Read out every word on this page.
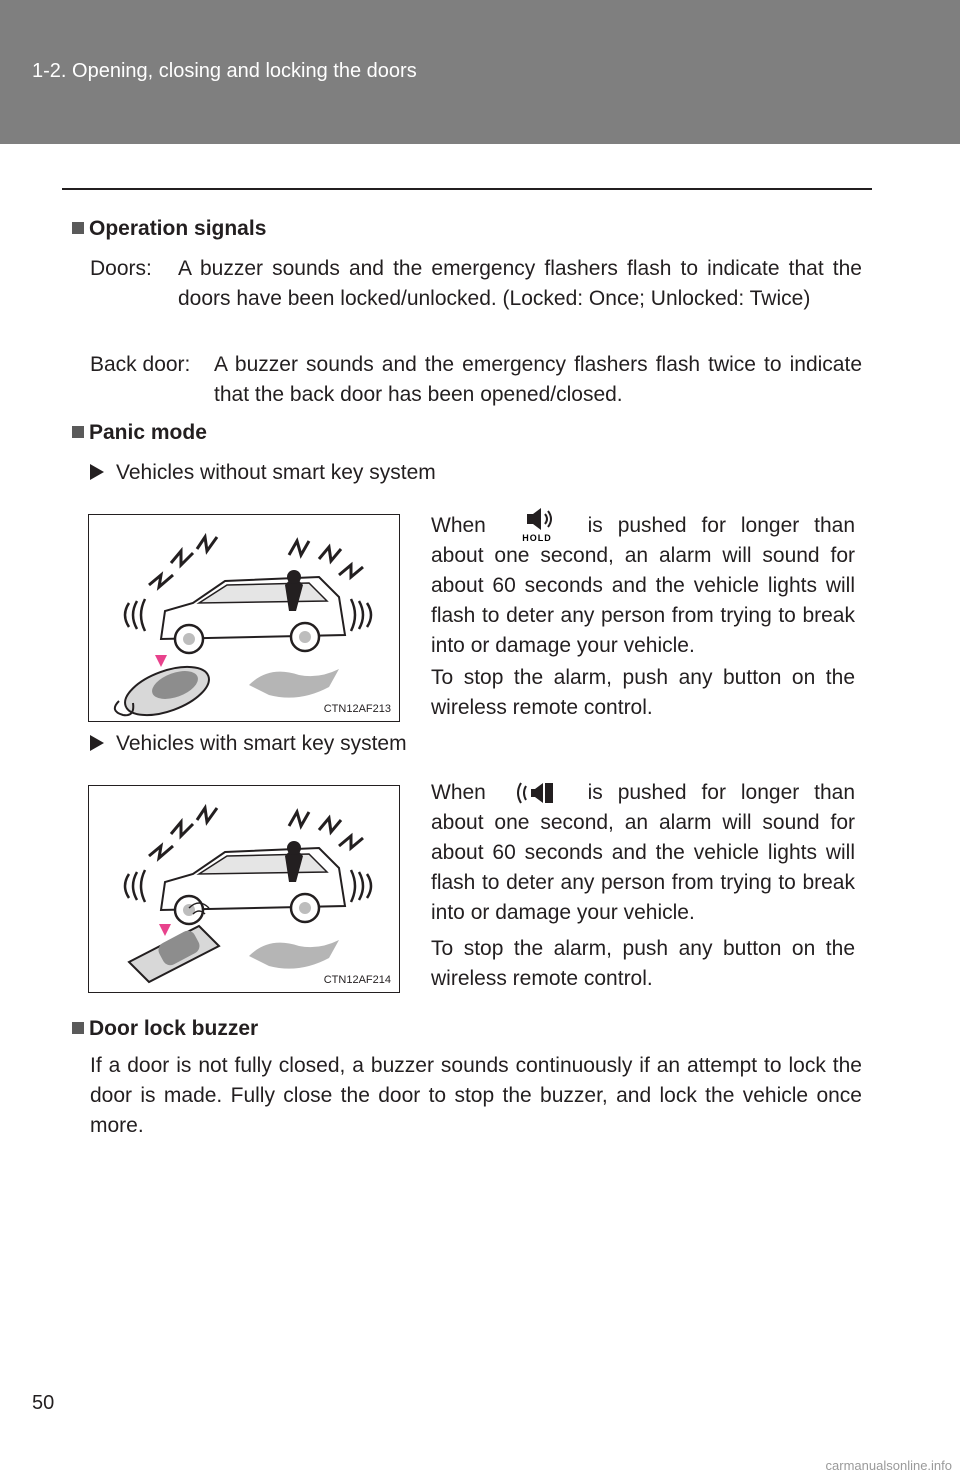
1-2. Opening, closing and locking the doors
Operation signals
Doors: A buzzer sounds and the emergency flashers flash to indicate that the doors have been locked/unlocked. (Locked: Once; Unlocked: Twice)
Back door: A buzzer sounds and the emergency flashers flash twice to indicate that the back door has been opened/closed.
Panic mode
Vehicles without smart key system
CTN12AF213
When
HOLD
is pushed for longer than about one second, an alarm will sound for about 60 seconds and the vehicle lights will flash to deter any person from trying to break into or damage your vehicle.
To stop the alarm, push any button on the wireless remote control.
Vehicles with smart key system
CTN12AF214
When	is pushed for longer than about one second, an alarm will sound for about 60 seconds and the vehicle lights will flash to deter any person from trying to break into or damage your vehicle.
To stop the alarm, push any button on the wireless remote control.
Door lock buzzer
If a door is not fully closed, a buzzer sounds continuously if an attempt to lock the door is made. Fully close the door to stop the buzzer, and lock the vehicle once more.
50
carmanualsonline.info
